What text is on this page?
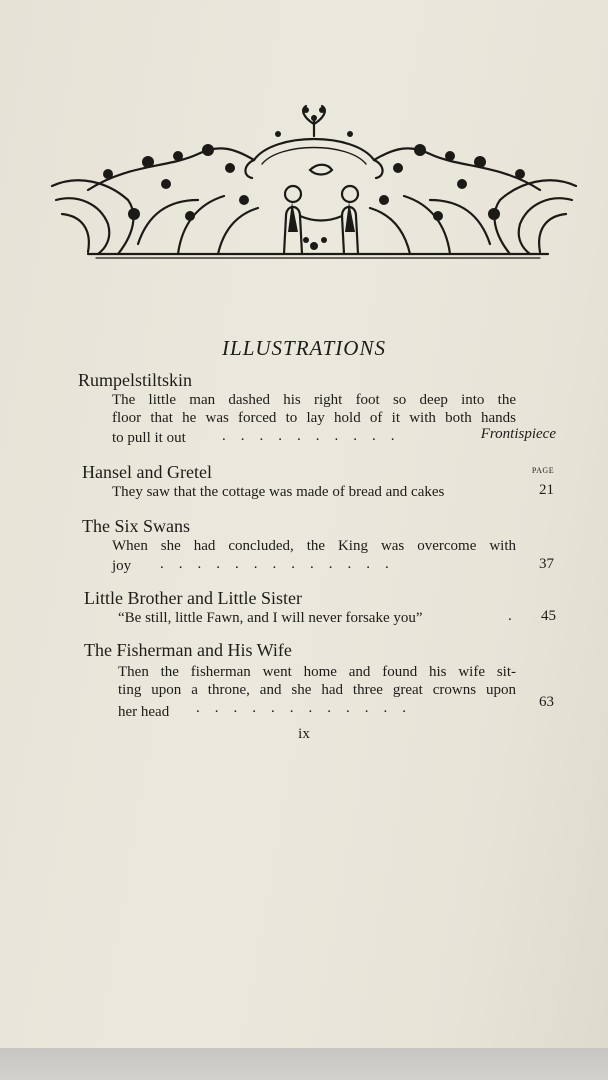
ILLUSTRATIONS
PAGE
Rumpelstiltskin
The little man dashed his right foot so deep into the
floor that he was forced to lay hold of it with both hands
to pull it out .    .    .    .    .    .    .    .    .    .	Frontispiece
Hansel and Gretel
They saw that the cottage was made of bread and cakes	21
The Six Swans
When she had concluded, the King was overcome with
joy .    .    .    .    .    .    .    .    .    .    .    .    .	37
Little Brother and Little Sister
“Be still, little Fawn, and I will never forsake you”	.	45
The Fisherman and His Wife
Then the fisherman went home and found his wife sit-
ting upon a throne, and she had three great crowns upon
her head .    .    .    .    .    .    .    .    .    .    .    .	63
ix
